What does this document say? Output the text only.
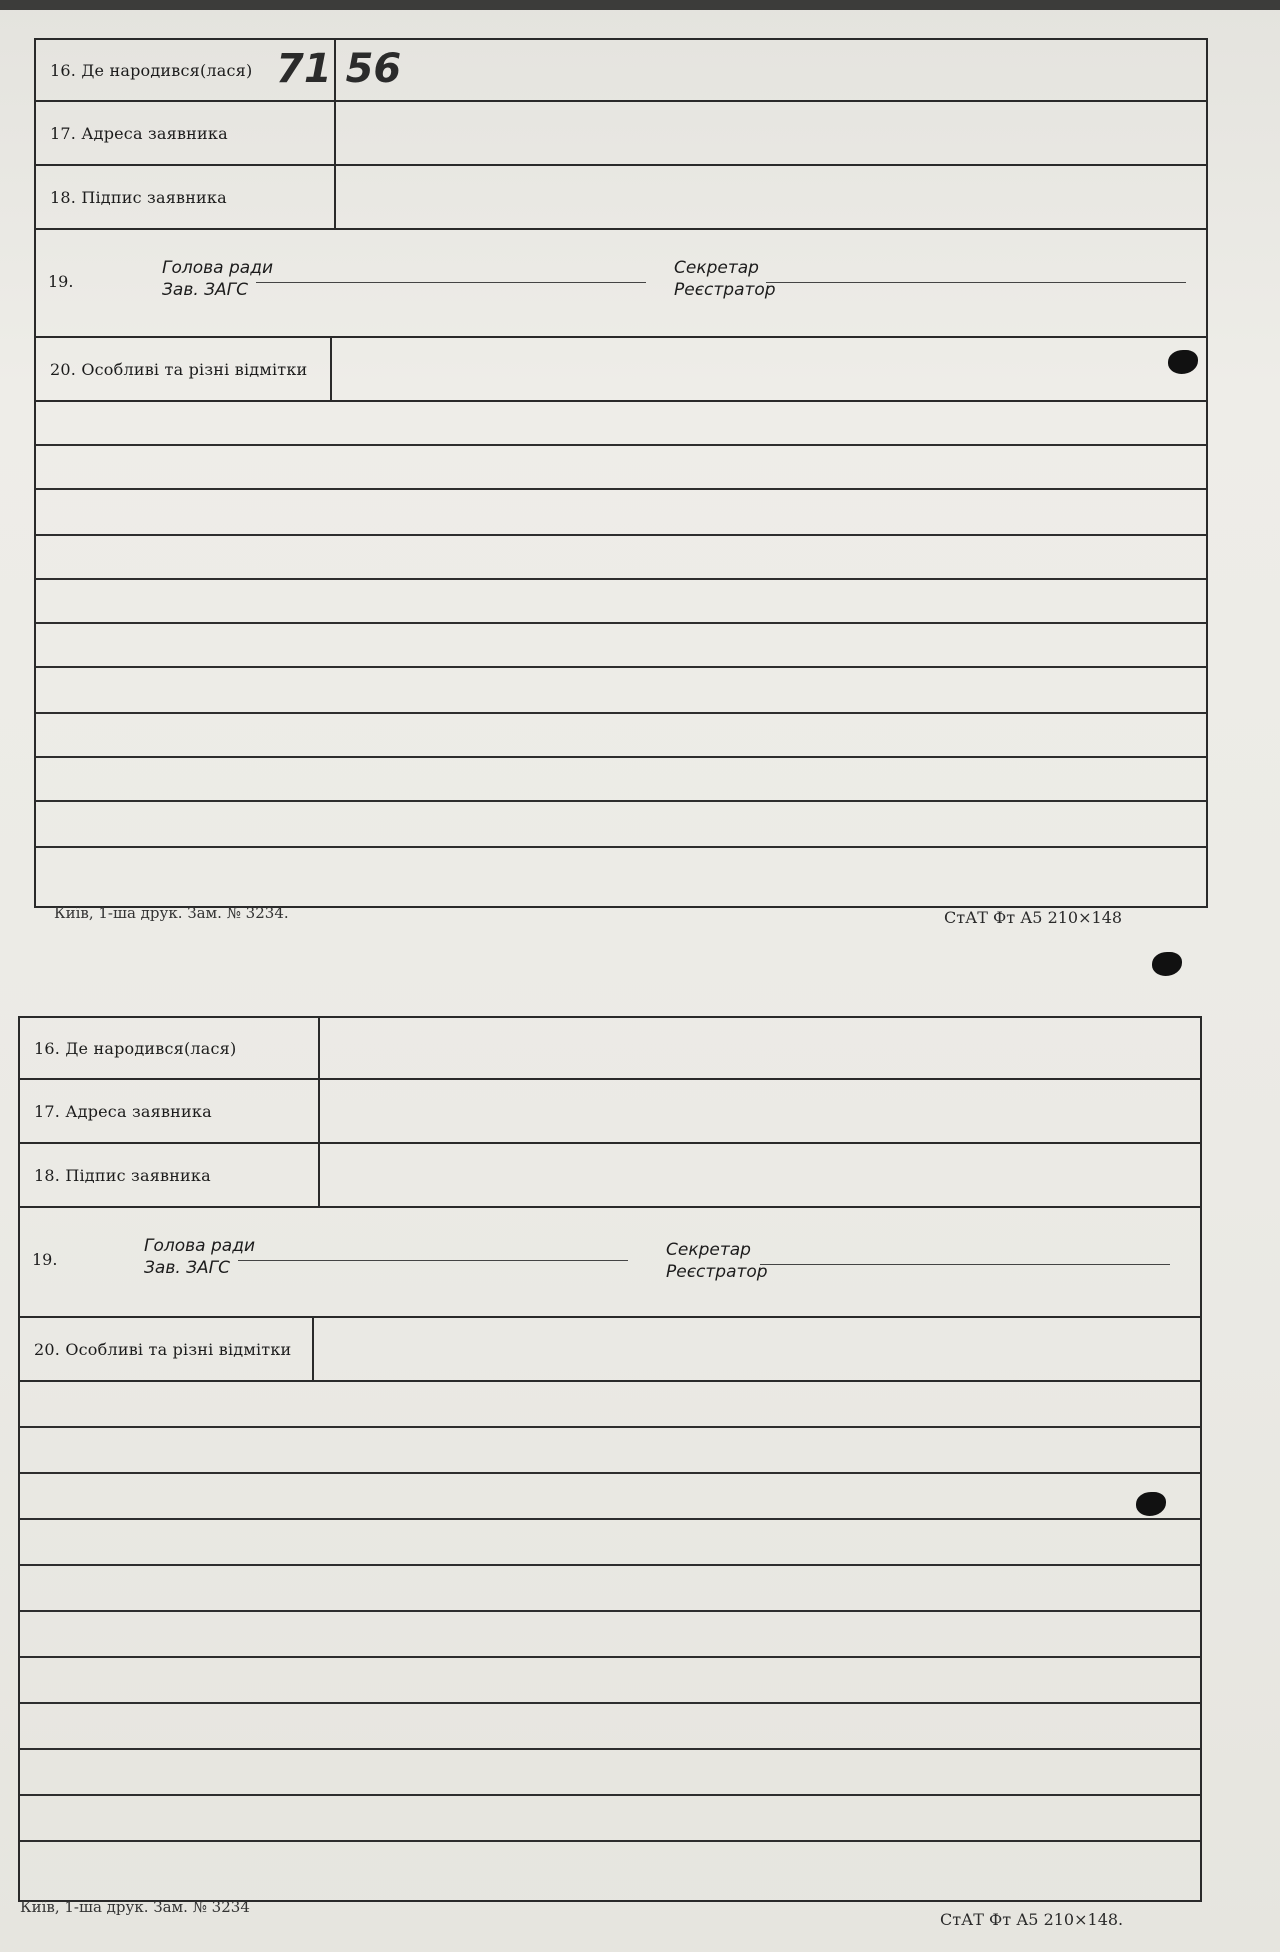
16. Де народився(лася) 71 56
17. Адреса заявника
18. Підпис заявника
19.
Голова ради
Зав. ЗАГС
Секретар
Реєстратор
20. Особливі та різні відмітки
Київ, 1-ша друк. Зам. № 3234.	СтАТ Фт А5 210×148
16. Де народився(лася)
17. Адреса заявника
18. Підпис заявника
19.
Голова ради
Зав. ЗАГС
Секретар
Реєстратор
20. Особливі та різні відмітки
Київ, 1-ша друк. Зам. № 3234
СтАТ Фт А5 210×148.
